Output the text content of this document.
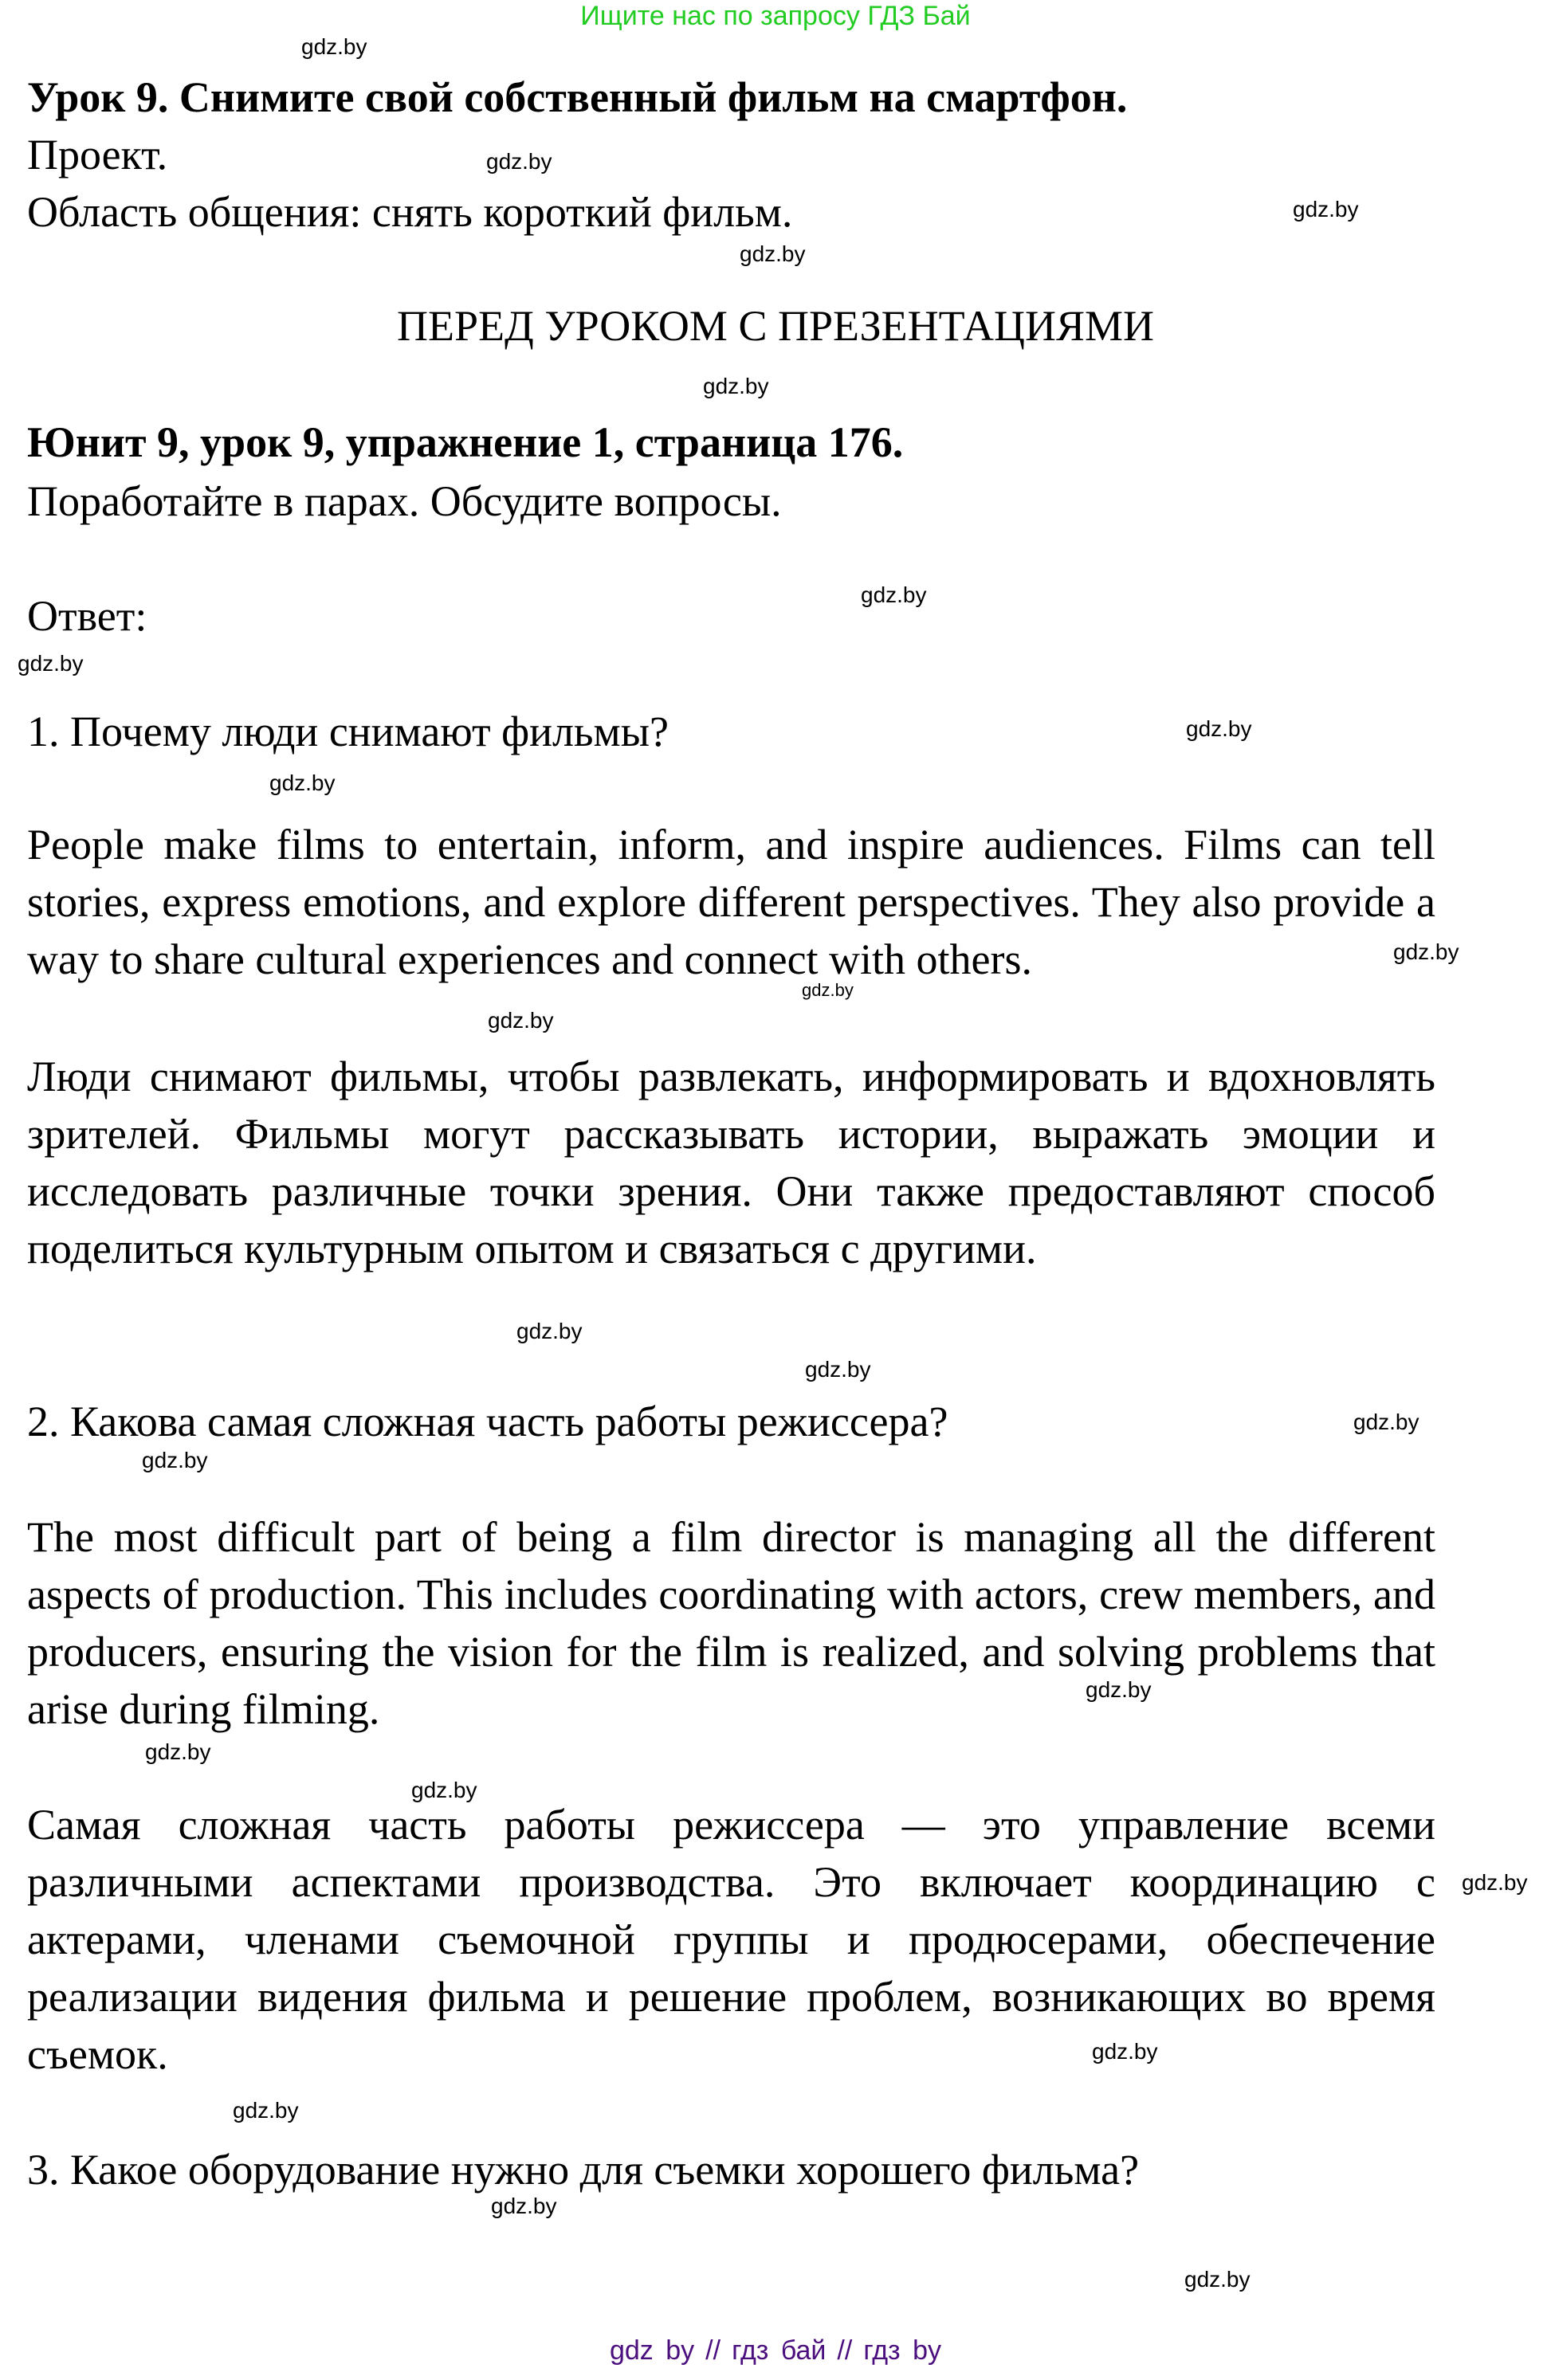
Ищите нас по запросу ГДЗ Бай
gdz.by
gdz.by
gdz.by
gdz.by
gdz.by
gdz.by
gdz.by
gdz.by
gdz.by
gdz.by
gdz.by
gdz.by
gdz.by
gdz.by
gdz.by
gdz.by
gdz.by
gdz.by
gdz.by
gdz.by
gdz.by
gdz.by
gdz.by
gdz.by
Урок 9. Снимите свой собственный фильм на смартфон.
Проект.
Область общения: снять короткий фильм.
ПЕРЕД УРОКОМ С ПРЕЗЕНТАЦИЯМИ
Юнит 9, урок 9, упражнение 1, страница 176.
Поработайте в парах. Обсудите вопросы.
Ответ:
1. Почему люди снимают фильмы?
People make films to entertain, inform, and inspire audiences. Films can tell stories, express emotions, and explore different perspectives. They also provide a way to share cultural experiences and connect with others.
Люди снимают фильмы, чтобы развлекать, информировать и вдохновлять зрителей. Фильмы могут рассказывать истории, выражать эмоции и исследовать различные точки зрения. Они также предоставляют способ поделиться культурным опытом и связаться с другими.
2. Какова самая сложная часть работы режиссера?
The most difficult part of being a film director is managing all the different aspects of production. This includes coordinating with actors, crew members, and producers, ensuring the vision for the film is realized, and solving problems that arise during filming.
Самая сложная часть работы режиссера — это управление всеми различными аспектами производства. Это включает координацию с актерами, членами съемочной группы и продюсерами, обеспечение реализации видения фильма и решение проблем, возникающих во время съемок.
3. Какое оборудование нужно для съемки хорошего фильма?
gdz by // гдз бай // гдз by
